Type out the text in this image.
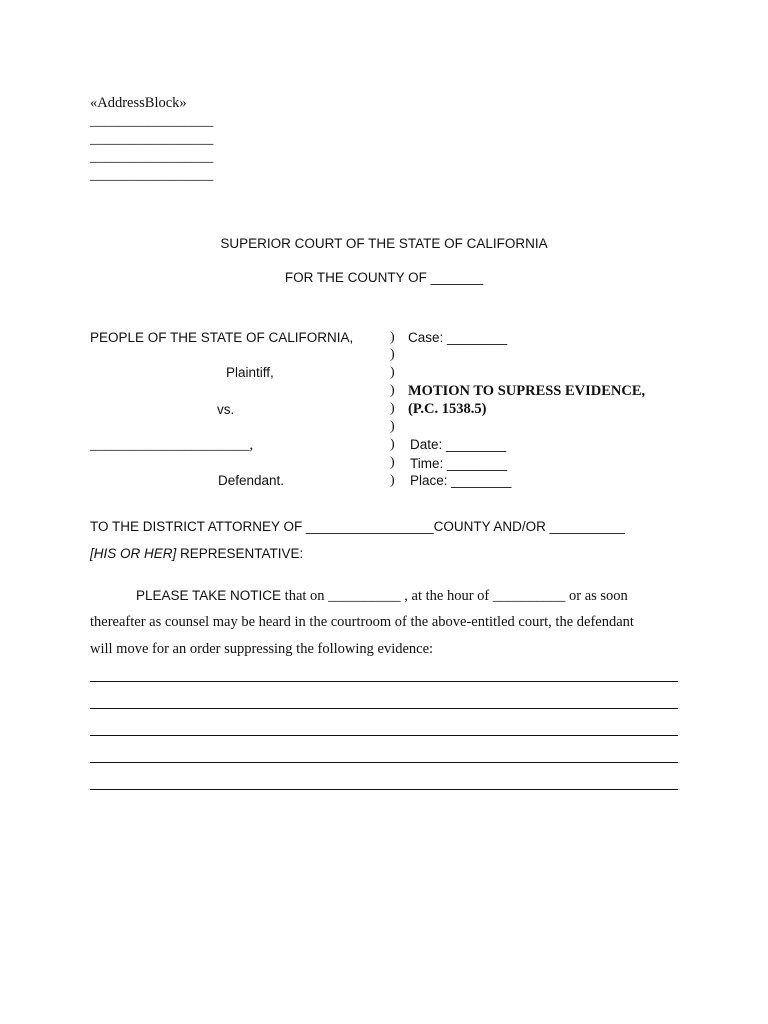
«AddressBlock»
_________________
_________________
_________________
_________________
SUPERIOR COURT OF THE STATE OF CALIFORNIA
FOR THE COUNTY OF _______
PEOPLE OF THE STATE OF CALIFORNIA,
Plaintiff,
vs.
______________________,
Defendant.
)
)
)
)
)
)
)
)
)
Case: ________
MOTION TO SUPRESS EVIDENCE,
(P.C. 1538.5)
Date: ________
Time: ________
Place: ________
TO THE DISTRICT ATTORNEY OF _________________COUNTY AND/OR __________
[HIS OR HER] REPRESENTATIVE:
PLEASE TAKE NOTICE that on __________ , at the hour of __________ or as soon
thereafter as counsel may be heard in the courtroom of the above-entitled court, the defendant
will move for an order suppressing the following evidence:
